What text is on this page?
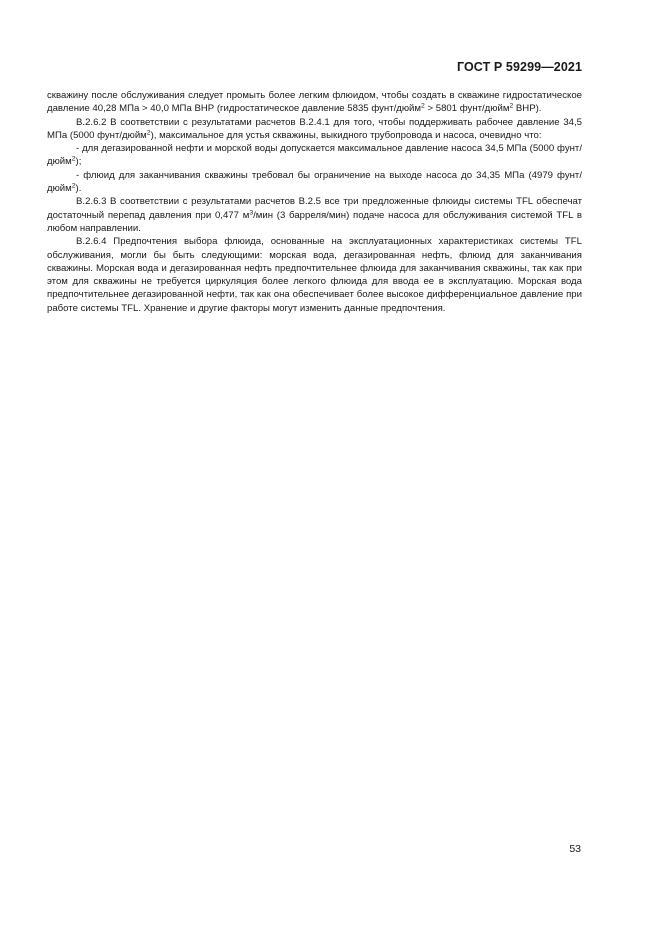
ГОСТ Р 59299—2021

скважину после обслуживания следует промыть более легким флюидом, чтобы создать в скважине гидростатическое давление 40,28 МПа > 40,0 МПа ВНР (гидростатическое давление 5835 фунт/дюйм$^2$ > 5801 фунт/дюйм$^2$ ВНР).

В.2.6.2 В соответствии с результатами расчетов В.2.4.1 для того, чтобы поддерживать рабочее давление 34,5 МПа (5000 фунт/дюйм$^2$), максимальное для устья скважины, выкидного трубопровода и насоса, очевидно что:

- для дегазированной нефти и морской воды допускается максимальное давление насоса 34,5 МПа (5000 фунт/дюйм$^2$);

- флюид для заканчивания скважины требовал бы ограничение на выходе насоса до 34,35 МПа (4979 фунт/дюйм$^2$).

В.2.6.3 В соответствии с результатами расчетов В.2.5 все три предложенные флюиды системы TFL обеспечат достаточный перепад давления при 0,477 $м^3$/мин (3 барреля/мин) подаче насоса для обслуживания системой TFL в любом направлении.

В.2.6.4 Предпочтения выбора флюида, основанные на эксплуатационных характеристиках системы TFL обслуживания, могли бы быть следующими: морская вода, дегазированная нефть, флюид для заканчивания скважины. Морская вода и дегазированная нефть предпочтительнее флюида для заканчивания скважины, так как при этом для скважины не требуется циркуляция более легкого флюида для ввода ее в эксплуатацию. Морская вода предпочтительнее дегазированной нефти, так как она обеспечивает более высокое дифференциальное давление при работе системы TFL. Хранение и другие факторы могут изменить данные предпочтения.

53
